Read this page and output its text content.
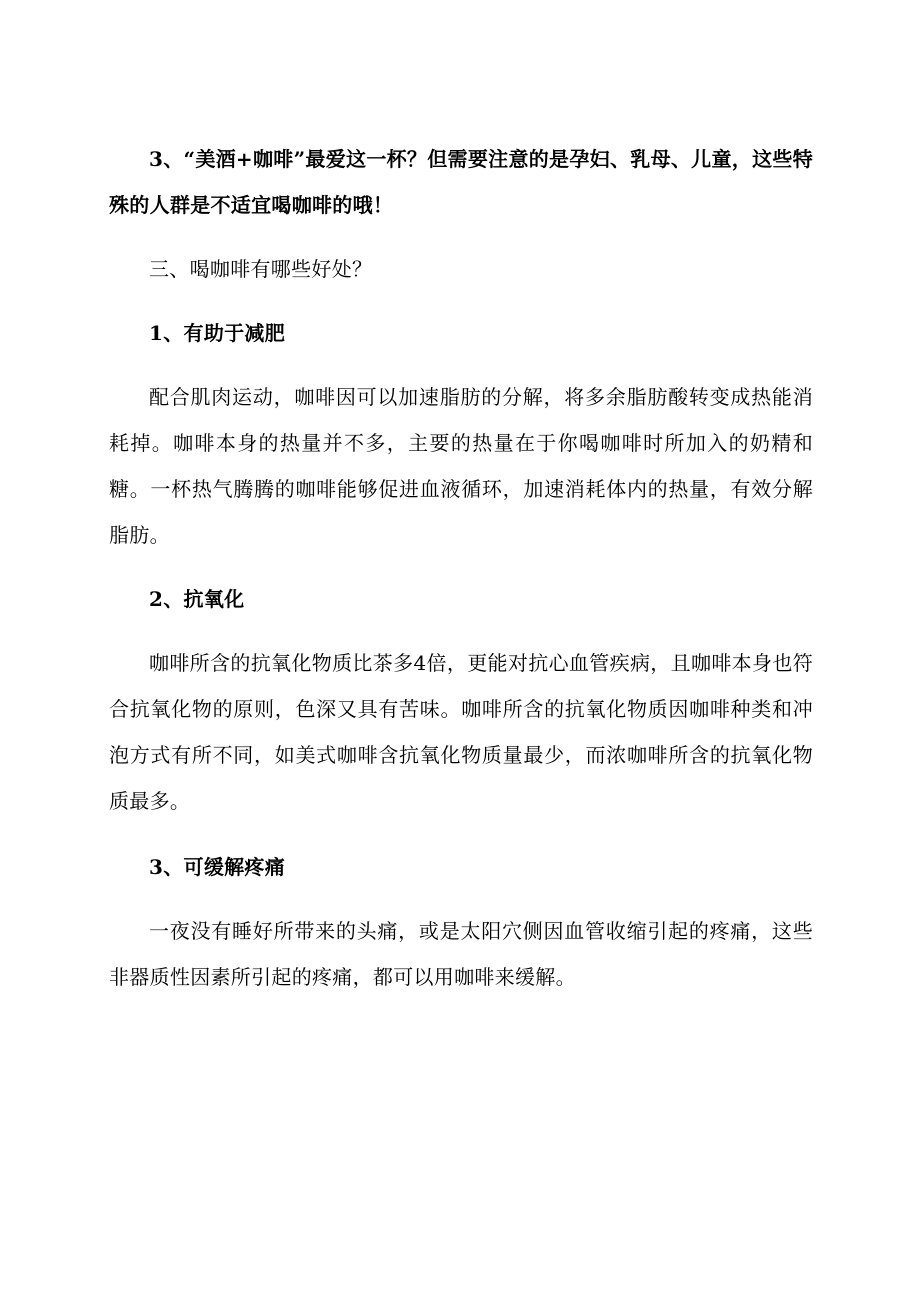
3、“美酒+咖啡”最爱这一杯？但需要注意的是孕妇、乳母、儿童，这些特殊的人群是不适宜喝咖啡的哦！

三、喝咖啡有哪些好处？

1、有助于减肥

配合肌肉运动，咖啡因可以加速脂肪的分解，将多余脂肪酸转变成热能消耗掉。咖啡本身的热量并不多，主要的热量在于你喝咖啡时所加入的奶精和糖。一杯热气腾腾的咖啡能够促进血液循环，加速消耗体内的热量，有效分解脂肪。

2、抗氧化

咖啡所含的抗氧化物质比茶多4倍，更能对抗心血管疾病，且咖啡本身也符合抗氧化物的原则，色深又具有苦味。咖啡所含的抗氧化物质因咖啡种类和冲泡方式有所不同，如美式咖啡含抗氧化物质量最少，而浓咖啡所含的抗氧化物质最多。

3、可缓解疼痛

一夜没有睡好所带来的头痛，或是太阳穴侧因血管收缩引起的疼痛，这些非器质性因素所引起的疼痛，都可以用咖啡来缓解。
